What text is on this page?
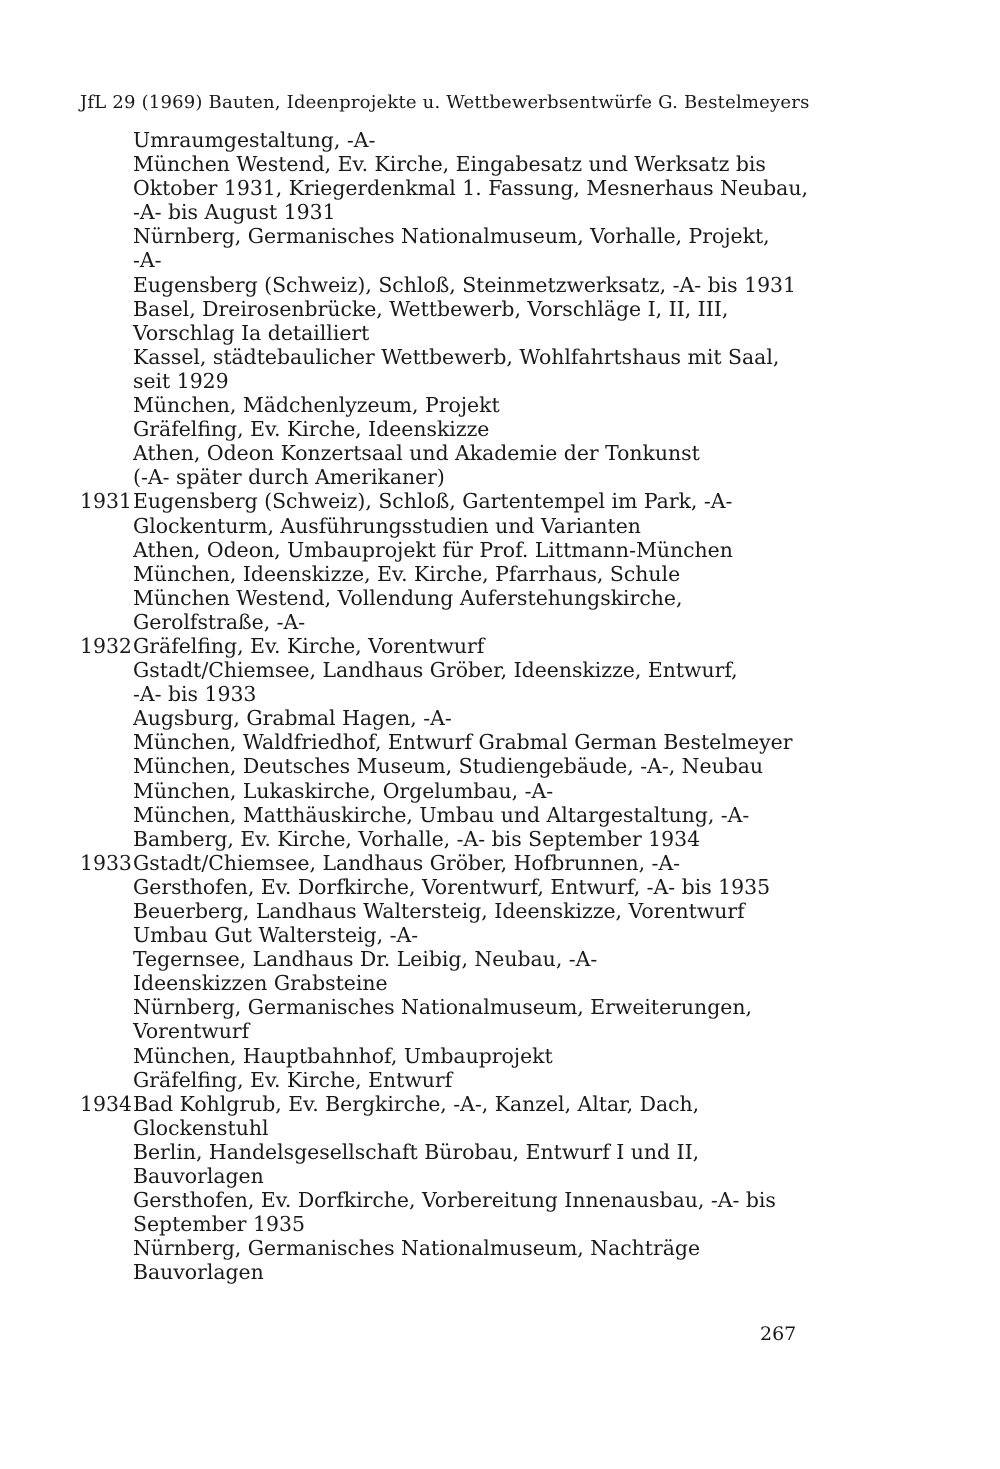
JfL 29 (1969) Bauten, Ideenprojekte u. Wettbewerbsentwürfe G. Bestelmeyers
Umraumgestaltung, -A-
München Westend, Ev. Kirche, Eingabesatz und Werksatz bis
Oktober 1931, Kriegerdenkmal 1. Fassung, Mesnerhaus Neubau,
-A- bis August 1931
Nürnberg, Germanisches Nationalmuseum, Vorhalle, Projekt,
-A-
Eugensberg (Schweiz), Schloß, Steinmetzwerksatz, -A- bis 1931
Basel, Dreirosenbrücke, Wettbewerb, Vorschläge I, II, III,
Vorschlag Ia detailliert
Kassel, städtebaulicher Wettbewerb, Wohlfahrtshaus mit Saal,
seit 1929
München, Mädchenlyzeum, Projekt
Gräfelfing, Ev. Kirche, Ideenskizze
Athen, Odeon Konzertsaal und Akademie der Tonkunst
(-A- später durch Amerikaner)
1931 Eugensberg (Schweiz), Schloß, Gartentempel im Park, -A-
Glockenturm, Ausführungsstudien und Varianten
Athen, Odeon, Umbauprojekt für Prof. Littmann-München
München, Ideenskizze, Ev. Kirche, Pfarrhaus, Schule
München Westend, Vollendung Auferstehungskirche,
Gerolfstraße, -A-
1932 Gräfelfing, Ev. Kirche, Vorentwurf
Gstadt/Chiemsee, Landhaus Gröber, Ideenskizze, Entwurf,
-A- bis 1933
Augsburg, Grabmal Hagen, -A-
München, Waldfriedhof, Entwurf Grabmal German Bestelmeyer
München, Deutsches Museum, Studiengebäude, -A-, Neubau
München, Lukaskirche, Orgelumbau, -A-
München, Matthäuskirche, Umbau und Altargestaltung, -A-
Bamberg, Ev. Kirche, Vorhalle, -A- bis September 1934
1933 Gstadt/Chiemsee, Landhaus Gröber, Hofbrunnen, -A-
Gersthofen, Ev. Dorfkirche, Vorentwurf, Entwurf, -A- bis 1935
Beuerberg, Landhaus Waltersteig, Ideenskizze, Vorentwurf
Umbau Gut Waltersteig, -A-
Tegernsee, Landhaus Dr. Leibig, Neubau, -A-
Ideenskizzen Grabsteine
Nürnberg, Germanisches Nationalmuseum, Erweiterungen,
Vorentwurf
München, Hauptbahnhof, Umbauprojekt
Gräfelfing, Ev. Kirche, Entwurf
1934 Bad Kohlgrub, Ev. Bergkirche, -A-, Kanzel, Altar, Dach,
Glockenstuhl
Berlin, Handelsgesellschaft Bürobau, Entwurf I und II,
Bauvorlagen
Gersthofen, Ev. Dorfkirche, Vorbereitung Innenausbau, -A- bis
September 1935
Nürnberg, Germanisches Nationalmuseum, Nachträge
Bauvorlagen
267
